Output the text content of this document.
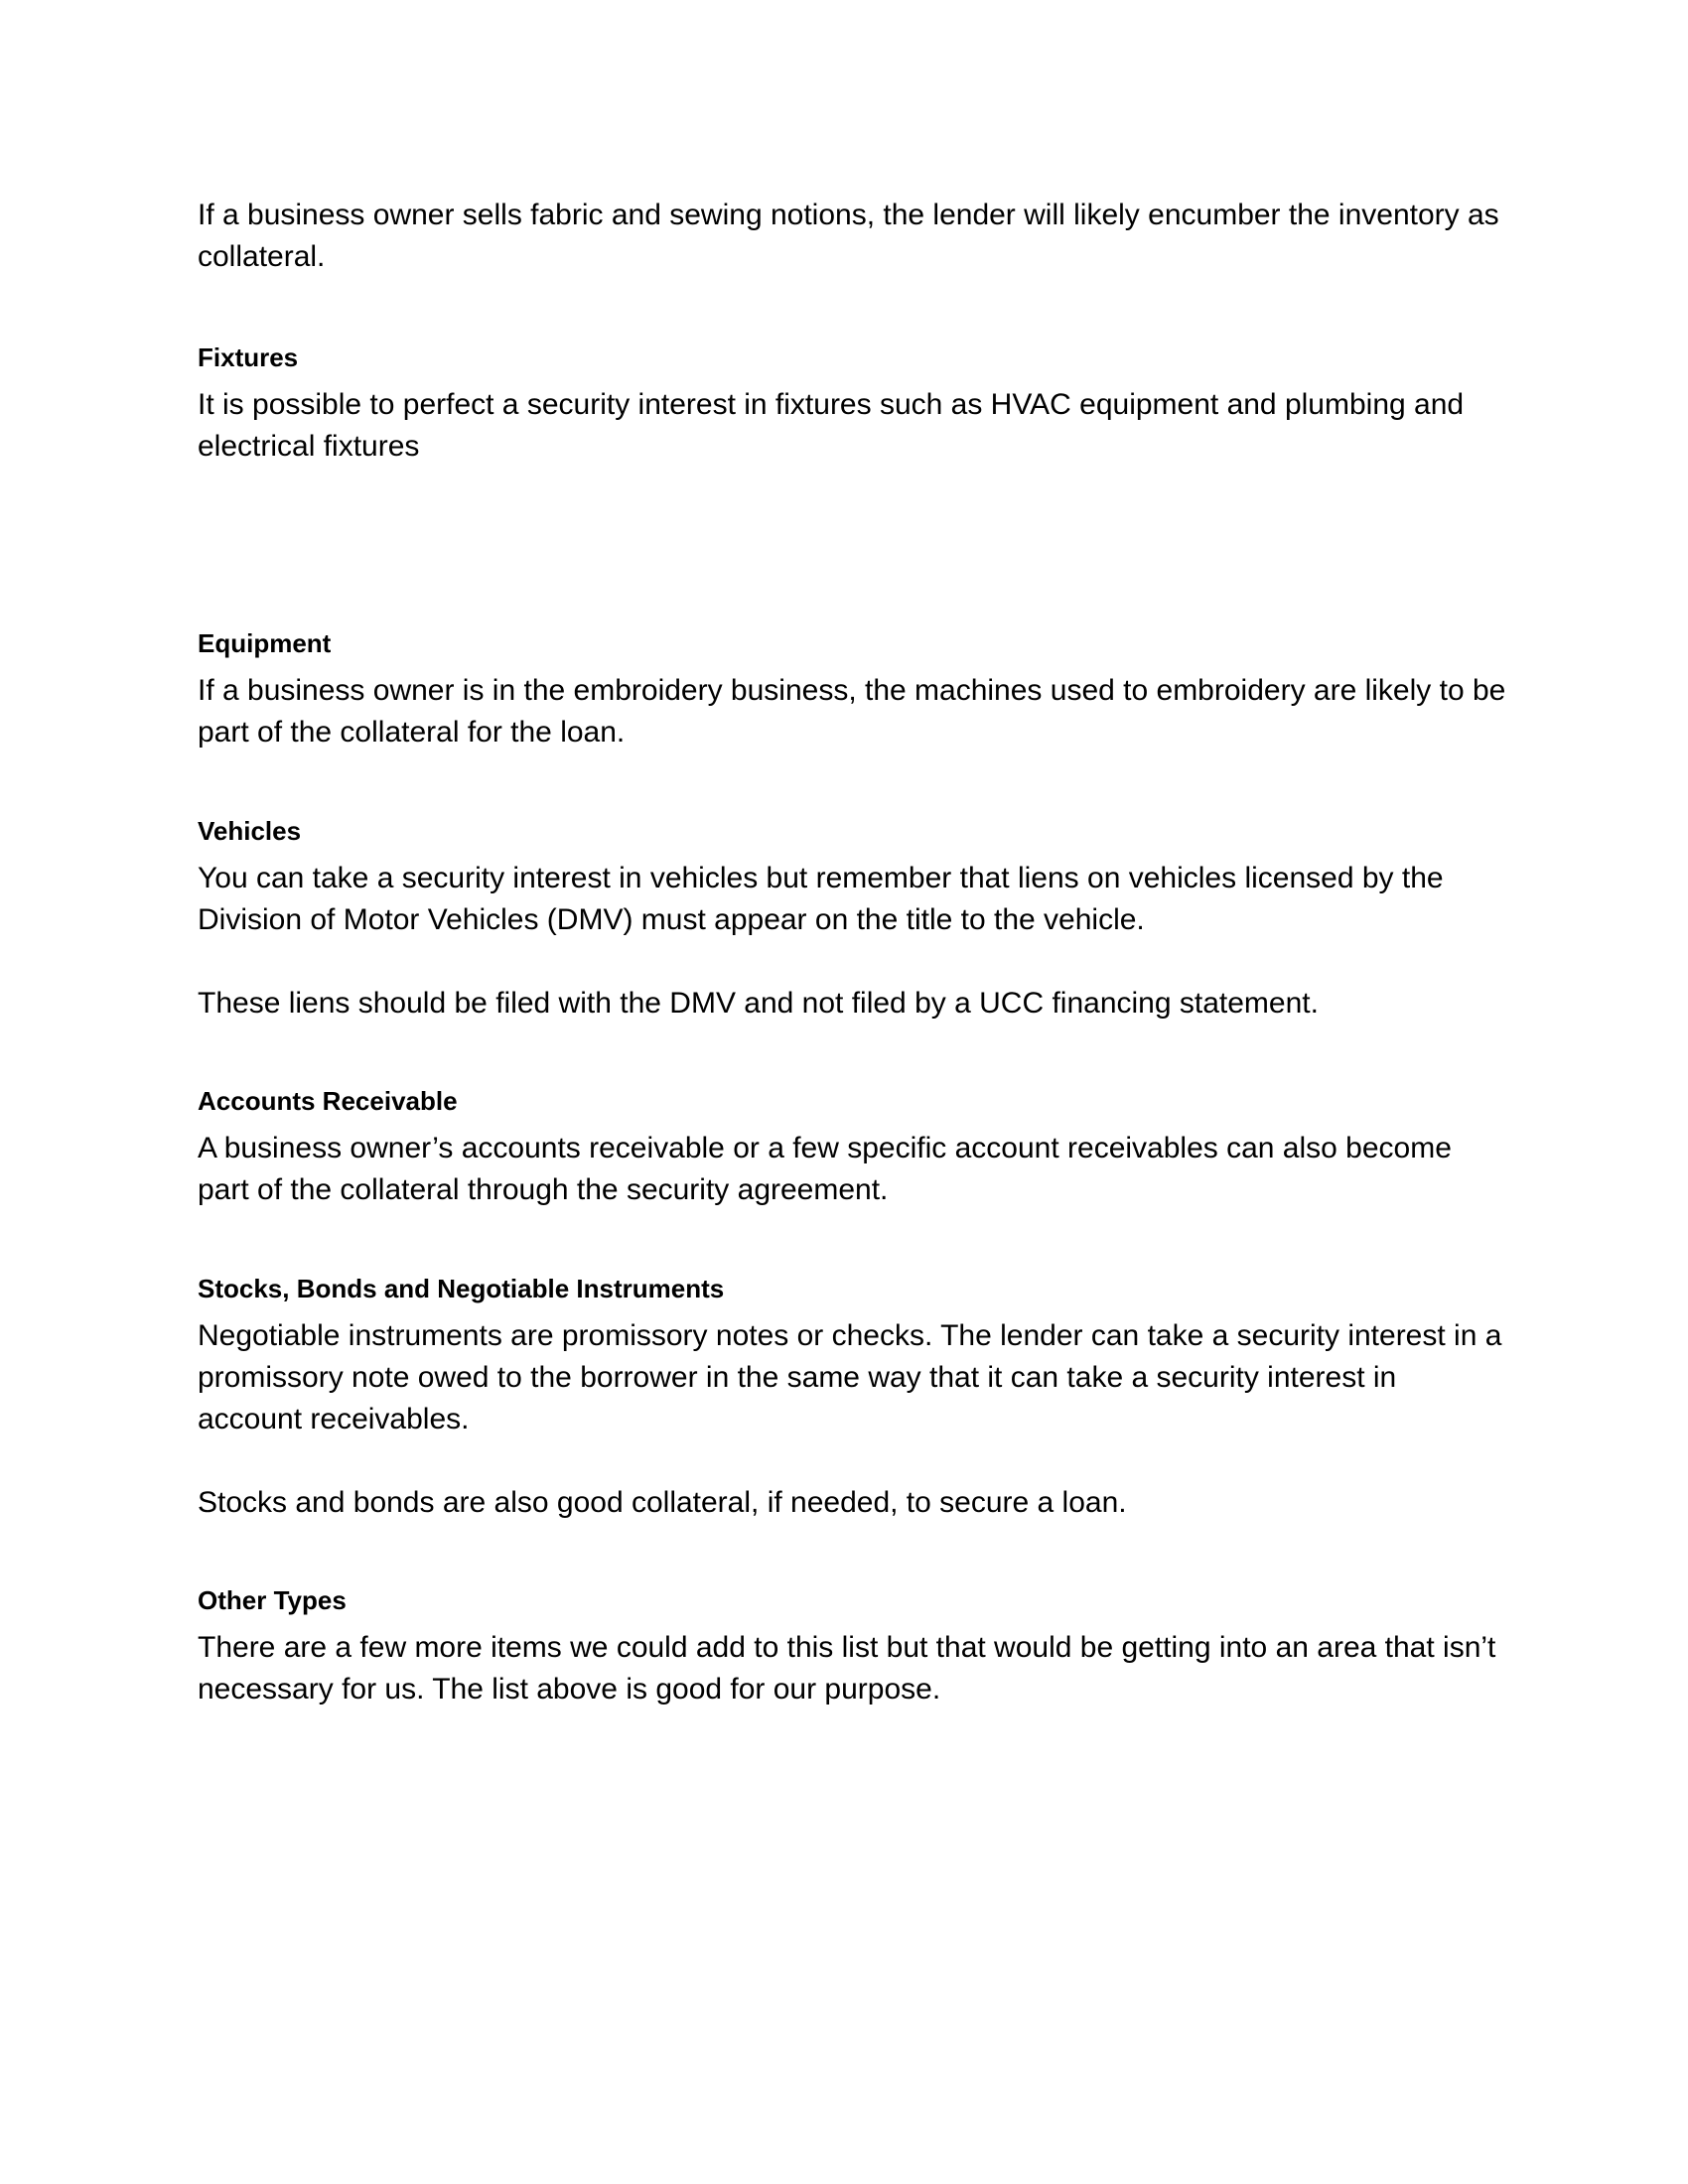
If a business owner sells fabric and sewing notions, the lender will likely encumber the inventory as collateral.

Fixtures

It is possible to perfect a security interest in fixtures such as HVAC equipment and plumbing and electrical fixtures

Equipment

If a business owner is in the embroidery business, the machines used to embroidery are likely to be part of the collateral for the loan.

Vehicles

You can take a security interest in vehicles but remember that liens on vehicles licensed by the Division of Motor Vehicles (DMV) must appear on the title to the vehicle.

These liens should be filed with the DMV and not filed by a UCC financing statement.

Accounts Receivable

A business owner’s accounts receivable or a few specific account receivables can also become part of the collateral through the security agreement.

Stocks, Bonds and Negotiable Instruments

Negotiable instruments are promissory notes or checks. The lender can take a security interest in a promissory note owed to the borrower in the same way that it can take a security interest in account receivables.

Stocks and bonds are also good collateral, if needed, to secure a loan.

Other Types

There are a few more items we could add to this list but that would be getting into an area that isn’t necessary for us. The list above is good for our purpose.
